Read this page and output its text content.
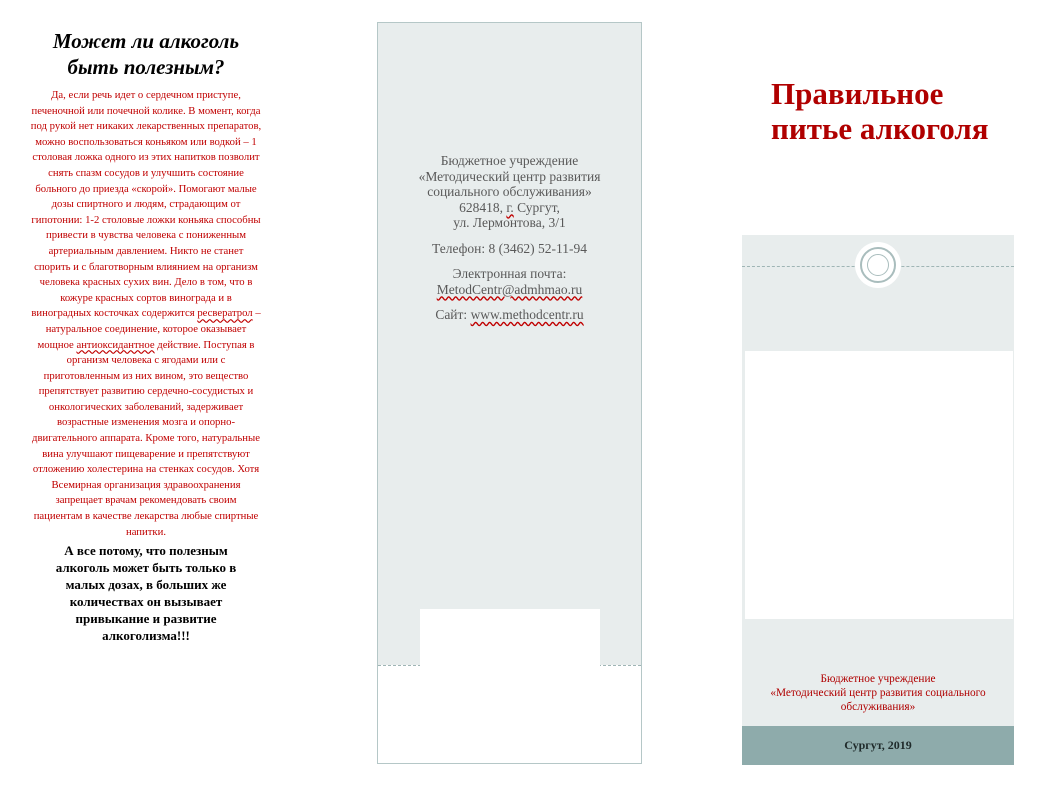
Может ли алкоголь быть полезным?

Да, если речь идет о сердечном приступе, печеночной или почечной колике. В момент, когда под рукой нет никаких лекарственных препаратов, можно воспользоваться коньяком или водкой – 1 столовая ложка одного из этих напитков позволит снять спазм сосудов и улучшить состояние больного до приезда «скорой». Помогают малые дозы спиртного и людям, страдающим от гипотонии: 1-2 столовые ложки коньяка способны привести в чувства человека с пониженным артериальным давлением. Никто не станет спорить и с благотворным влиянием на организм человека красных сухих вин. Дело в том, что в кожуре красных сортов винограда и в виноградных косточках содержится ресвератрол – натуральное соединение, которое оказывает мощное антиоксидантное действие. Поступая в организм человека с ягодами или с приготовленным из них вином, это вещество препятствует развитию сердечно-сосудистых и онкологических заболеваний, задерживает возрастные изменения мозга и опорно-двигательного аппарата. Кроме того, натуральные вина улучшают пищеварение и препятствуют отложению холестерина на стенках сосудов. Хотя Всемирная организация здравоохранения запрещает врачам рекомендовать своим пациентам в качестве лекарства любые спиртные напитки.

А все потому, что полезным алкоголь может быть только в малых дозах, в больших же количествах он вызывает привыкание и развитие алкоголизма!!!

Бюджетное учреждение

«Методический центр развития социального обслуживания»

628418, г. Сургут,

ул. Лермонтова, 3/1

Телефон: 8 (3462) 52-11-94

Электронная почта:

MetodCentr@admhmao.ru

Сайт: www.methodcentr.ru

Правильное питье алкоголя
Бюджетное учреждение
«Методический центр развития социального обслуживания»
Сургут, 2019
